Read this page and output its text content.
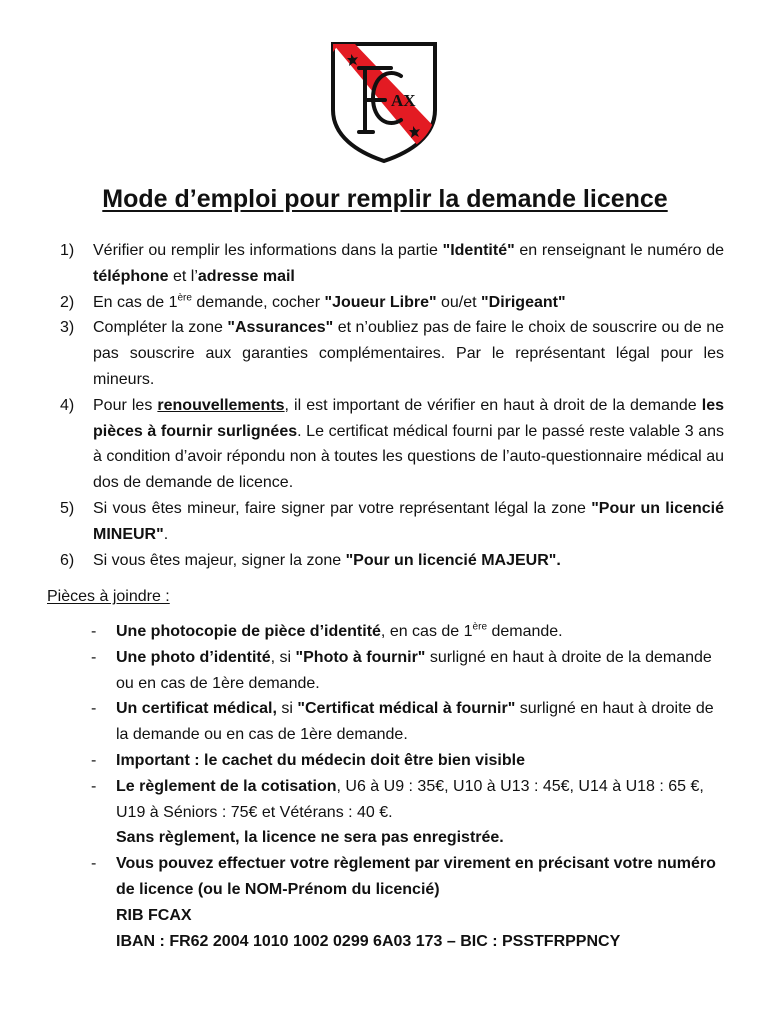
AX
Mode d’emploi pour remplir la demande licence
1)	Vérifier ou remplir les informations dans la partie "Identité" en renseignant le numéro de téléphone et l’adresse mail
2)	En cas de 1ère demande, cocher "Joueur Libre" ou/et "Dirigeant"
3)	Compléter la zone "Assurances" et n’oubliez pas de faire le choix de souscrire ou de ne pas souscrire aux garanties complémentaires. Par le représentant légal pour les mineurs.
4)	Pour les renouvellements, il est important de vérifier en haut à droit de la demande les pièces à fournir surlignées. Le certificat médical fourni par le passé reste valable 3 ans à condition d’avoir répondu non à toutes les questions de l’auto-questionnaire médical au dos de demande de licence.
5)	Si vous êtes mineur, faire signer par votre représentant légal la zone "Pour un licencié MINEUR".
6)	Si vous êtes majeur, signer la zone "Pour un licencié MAJEUR".
Pièces à joindre :
-	Une photocopie de pièce d’identité, en cas de 1ère demande.
-	Une photo d’identité, si "Photo à fournir" surligné en haut à droite de la demande ou en cas de 1ère demande.
-	Un certificat médical, si "Certificat médical à fournir" surligné en haut à droite de la demande ou en cas de 1ère demande.
-	Important : le cachet du médecin doit être bien visible
-	Le règlement de la cotisation, U6 à U9 : 35€, U10 à U13 : 45€, U14 à U18 : 65 €, U19 à Séniors : 75€ et Vétérans : 40 €.
Sans règlement, la licence ne sera pas enregistrée.
-	Vous pouvez effectuer votre règlement par virement en précisant votre numéro de licence (ou le NOM-Prénom du licencié)
RIB FCAX
IBAN : FR62 2004 1010 1002 0299 6A03 173 – BIC : PSSTFRPPNCY
